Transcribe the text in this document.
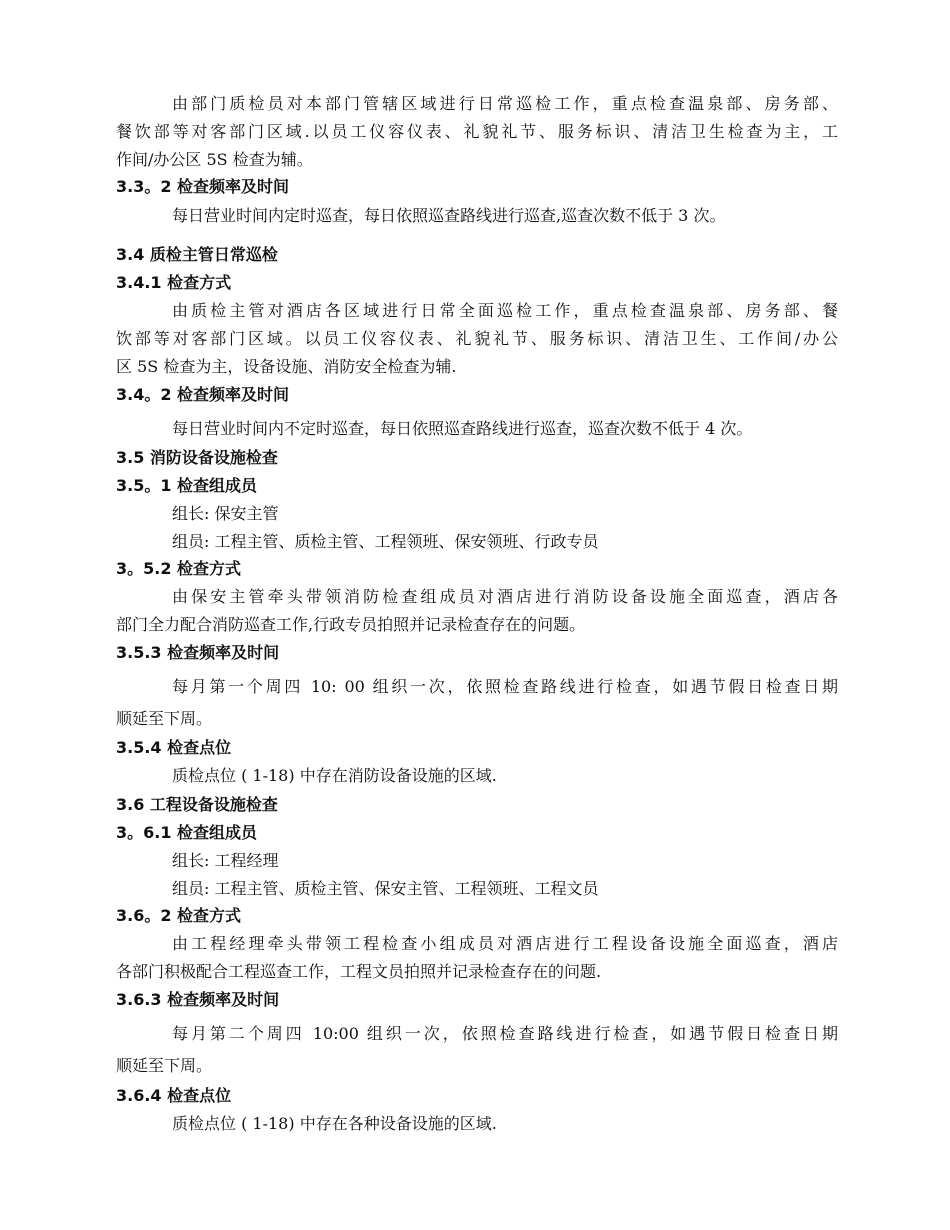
由部门质检员对本部门管辖区域进行日常巡检工作，重点检查温泉部、房务部、
餐饮部等对客部门区域.以员工仪容仪表、礼貌礼节、服务标识、清洁卫生检查为主，工
作间/办公区 5S 检查为辅。
3.3。2 检查频率及时间
每日营业时间内定时巡查，每日依照巡查路线进行巡查,巡查次数不低于 3 次。
3.4 质检主管日常巡检
3.4.1 检查方式
由质检主管对酒店各区域进行日常全面巡检工作，重点检查温泉部、房务部、餐
饮部等对客部门区域。以员工仪容仪表、礼貌礼节、服务标识、清洁卫生、工作间/办公
区 5S 检查为主，设备设施、消防安全检查为辅.
3.4。2 检查频率及时间
每日营业时间内不定时巡查，每日依照巡查路线进行巡查，巡查次数不低于 4 次。
3.5 消防设备设施检查
3.5。1 检查组成员
组长: 保安主管
组员: 工程主管、质检主管、工程领班、保安领班、行政专员
3。5.2 检查方式
由保安主管牵头带领消防检查组成员对酒店进行消防设备设施全面巡查，酒店各
部门全力配合消防巡查工作,行政专员拍照并记录检查存在的问题。
3.5.3 检查频率及时间
每月第一个周四 10: 00 组织一次，依照检查路线进行检查，如遇节假日检查日期
顺延至下周。
3.5.4 检查点位
质检点位 ( 1-18) 中存在消防设备设施的区域.
3.6 工程设备设施检查
3。6.1 检查组成员
组长: 工程经理
组员: 工程主管、质检主管、保安主管、工程领班、工程文员
3.6。2 检查方式
由工程经理牵头带领工程检查小组成员对酒店进行工程设备设施全面巡查，酒店
各部门积极配合工程巡查工作，工程文员拍照并记录检查存在的问题.
3.6.3 检查频率及时间
每月第二个周四 10:00 组织一次，依照检查路线进行检查，如遇节假日检查日期
顺延至下周。
3.6.4 检查点位
质检点位 ( 1-18) 中存在各种设备设施的区域.
